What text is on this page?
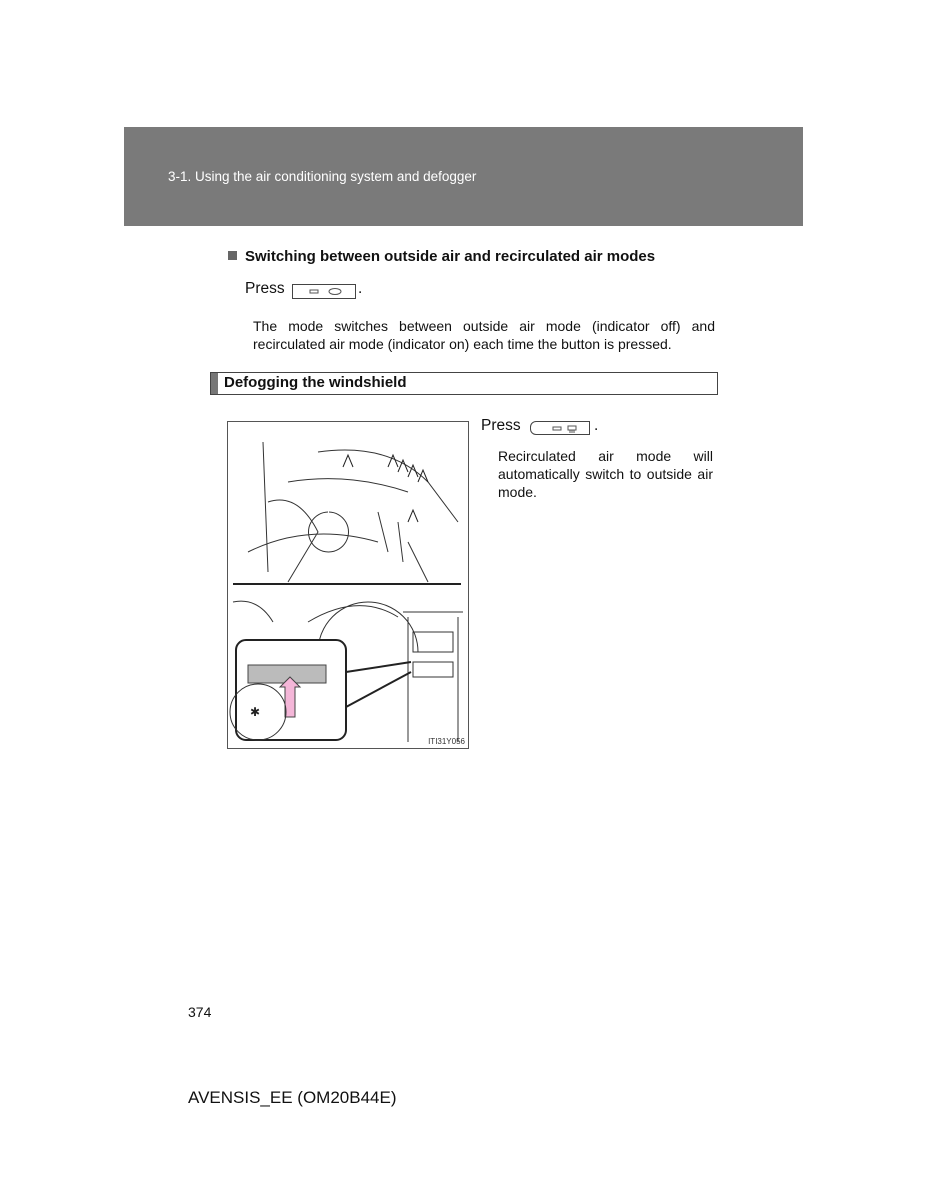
3-1. Using the air conditioning system and defogger
Switching between outside air and recirculated air modes
Press	.
The mode switches between outside air mode (indicator off) and recirculated air mode (indicator on) each time the button is pressed.
Defogging the windshield
✱
ITI31Y056
Press	.
Recirculated air mode will automatically switch to outside air mode.
374
AVENSIS_EE (OM20B44E)
